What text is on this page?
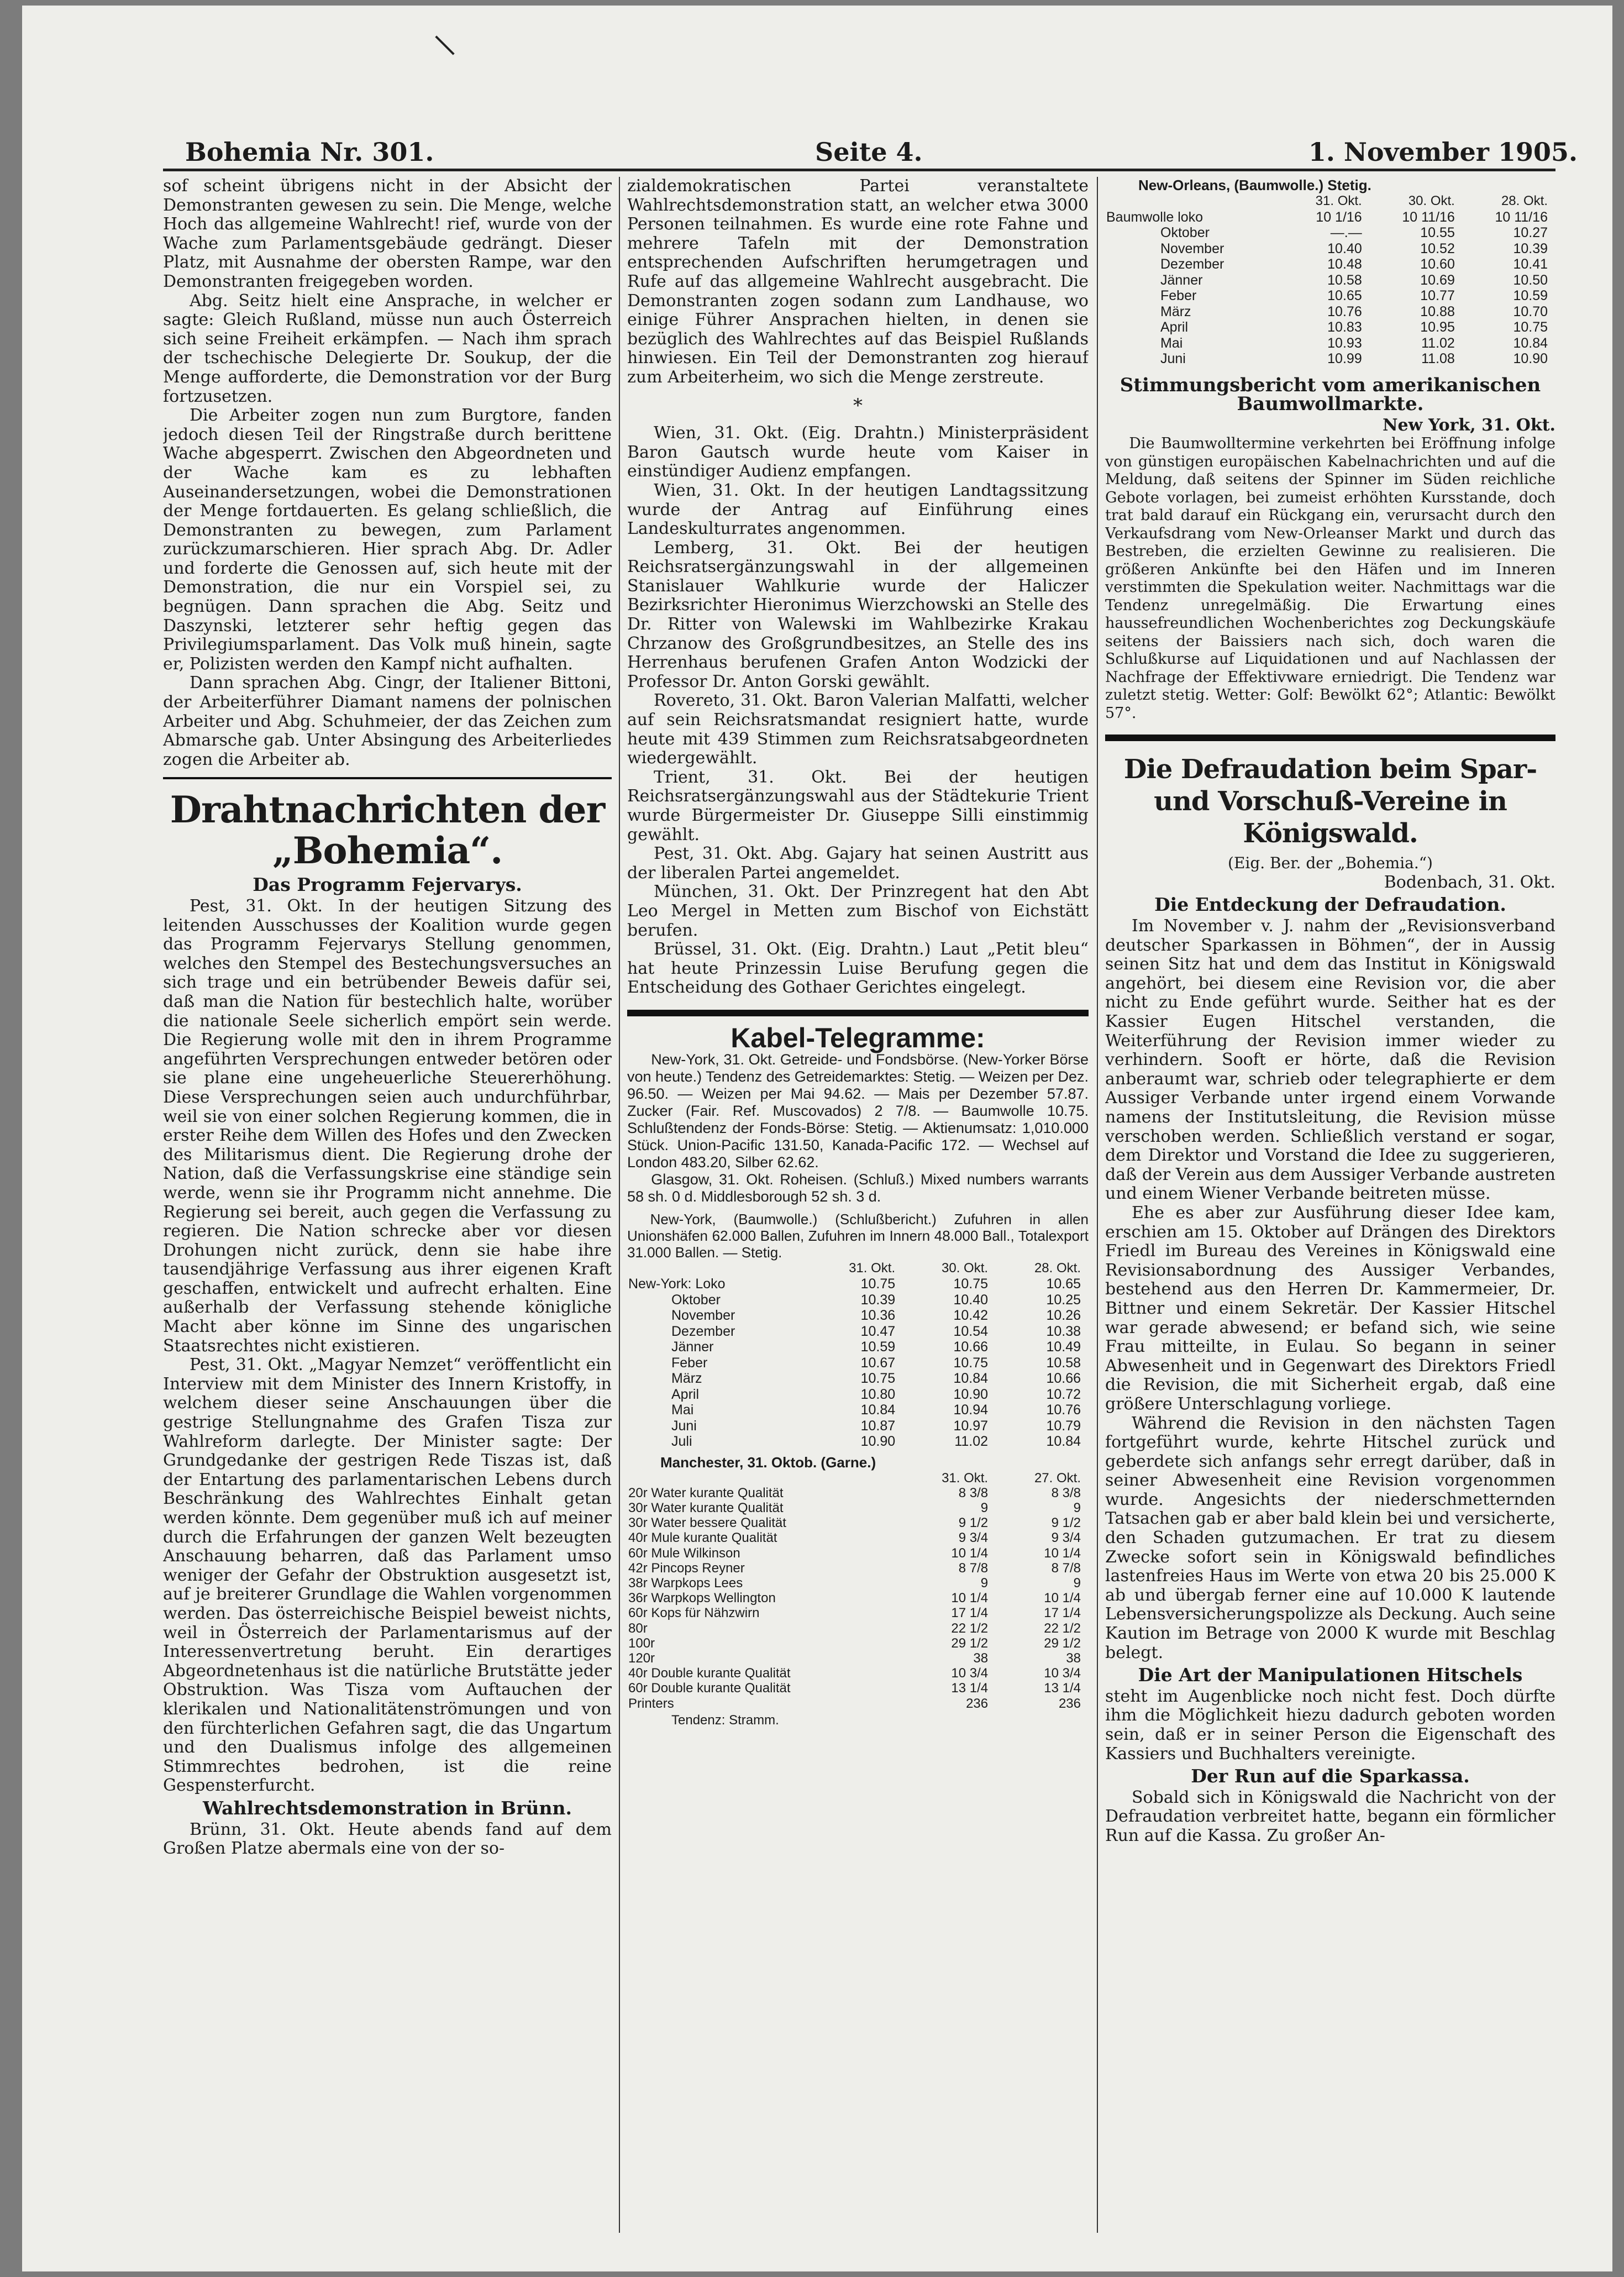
Bohemia Nr. 301.	Seite 4.	1. November 1905.

sof scheint übrigens nicht in der Absicht der Demonstranten gewesen zu sein. Die Menge, welche Hoch das allgemeine Wahlrecht! rief, wurde von der Wache zum Parlamentsgebäude gedrängt. Dieser Platz, mit Ausnahme der obersten Rampe, war den Demonstranten freigegeben worden.

Abg. Seitz hielt eine Ansprache, in welcher er sagte: Gleich Rußland, müsse nun auch Österreich sich seine Freiheit erkämpfen. — Nach ihm sprach der tschechische Delegierte Dr. Soukup, der die Menge aufforderte, die Demonstration vor der Burg fortzusetzen.

Die Arbeiter zogen nun zum Burgtore, fanden jedoch diesen Teil der Ringstraße durch berittene Wache abgesperrt. Zwischen den Abgeordneten und der Wache kam es zu lebhaften Auseinandersetzungen, wobei die Demonstrationen der Menge fortdauerten. Es gelang schließlich, die Demonstranten zu bewegen, zum Parlament zurückzumarschieren. Hier sprach Abg. Dr. Adler und forderte die Genossen auf, sich heute mit der Demonstration, die nur ein Vorspiel sei, zu begnügen. Dann sprachen die Abg. Seitz und Daszynski, letzterer sehr heftig gegen das Privilegiumsparlament. Das Volk muß hinein, sagte er, Polizisten werden den Kampf nicht aufhalten.

Dann sprachen Abg. Cingr, der Italiener Bittoni, der Arbeiterführer Diamant namens der polnischen Arbeiter und Abg. Schuhmeier, der das Zeichen zum Abmarsche gab. Unter Absingung des Arbeiterliedes zogen die Arbeiter ab.

Drahtnachrichten der „Bohemia“.
Das Programm Fejervarys.

Pest, 31. Okt. In der heutigen Sitzung des leitenden Ausschusses der Koalition wurde gegen das Programm Fejervarys Stellung genommen, welches den Stempel des Bestechungsversuches an sich trage und ein betrübender Beweis dafür sei, daß man die Nation für bestechlich halte, worüber die nationale Seele sicherlich empört sein werde. Die Regierung wolle mit den in ihrem Programme angeführten Versprechungen entweder betören oder sie plane eine ungeheuerliche Steuererhöhung. Diese Versprechungen seien auch undurchführbar, weil sie von einer solchen Regierung kommen, die in erster Reihe dem Willen des Hofes und den Zwecken des Militarismus dient. Die Regierung drohe der Nation, daß die Verfassungskrise eine ständige sein werde, wenn sie ihr Programm nicht annehme. Die Regierung sei bereit, auch gegen die Verfassung zu regieren. Die Nation schrecke aber vor diesen Drohungen nicht zurück, denn sie habe ihre tausendjährige Verfassung aus ihrer eigenen Kraft geschaffen, entwickelt und aufrecht erhalten. Eine außerhalb der Verfassung stehende königliche Macht aber könne im Sinne des ungarischen Staatsrechtes nicht existieren.

Pest, 31. Okt. „Magyar Nemzet“ veröffentlicht ein Interview mit dem Minister des Innern Kristoffy, in welchem dieser seine Anschauungen über die gestrige Stellungnahme des Grafen Tisza zur Wahlreform darlegte. Der Minister sagte: Der Grundgedanke der gestrigen Rede Tiszas ist, daß der Entartung des parlamentarischen Lebens durch Beschränkung des Wahlrechtes Einhalt getan werden könnte. Dem gegenüber muß ich auf meiner durch die Erfahrungen der ganzen Welt bezeugten Anschauung beharren, daß das Parlament umso weniger der Gefahr der Obstruktion ausgesetzt ist, auf je breiterer Grundlage die Wahlen vorgenommen werden. Das österreichische Beispiel beweist nichts, weil in Österreich der Parlamentarismus auf der Interessenvertretung beruht. Ein derartiges Abgeordnetenhaus ist die natürliche Brutstätte jeder Obstruktion. Was Tisza vom Auftauchen der klerikalen und Nationalitätenströmungen und von den fürchterlichen Gefahren sagt, die das Ungartum und den Dualismus infolge des allgemeinen Stimmrechtes bedrohen, ist die reine Gespensterfurcht.

Wahlrechtsdemonstration in Brünn.

Brünn, 31. Okt. Heute abends fand auf dem Großen Platze abermals eine von der so-

zialdemokratischen Partei veranstaltete Wahlrechtsdemonstration statt, an welcher etwa 3000 Personen teilnahmen. Es wurde eine rote Fahne und mehrere Tafeln mit der Demonstration entsprechenden Aufschriften herumgetragen und Rufe auf das allgemeine Wahlrecht ausgebracht. Die Demonstranten zogen sodann zum Landhause, wo einige Führer Ansprachen hielten, in denen sie bezüglich des Wahlrechtes auf das Beispiel Rußlands hinwiesen. Ein Teil der Demonstranten zog hierauf zum Arbeiterheim, wo sich die Menge zerstreute.

*

Wien, 31. Okt. (Eig. Drahtn.) Ministerpräsident Baron Gautsch wurde heute vom Kaiser in einstündiger Audienz empfangen.

Wien, 31. Okt. In der heutigen Landtagssitzung wurde der Antrag auf Einführung eines Landeskulturrates angenommen.

Lemberg, 31. Okt. Bei der heutigen Reichsratsergänzungswahl in der allgemeinen Stanislauer Wahlkurie wurde der Haliczer Bezirksrichter Hieronimus Wierzchowski an Stelle des Dr. Ritter von Walewski im Wahlbezirke Krakau Chrzanow des Großgrundbesitzes, an Stelle des ins Herrenhaus berufenen Grafen Anton Wodzicki der Professor Dr. Anton Gorski gewählt.

Rovereto, 31. Okt. Baron Valerian Malfatti, welcher auf sein Reichsratsmandat resigniert hatte, wurde heute mit 439 Stimmen zum Reichsratsabgeordneten wiedergewählt.

Trient, 31. Okt. Bei der heutigen Reichsratsergänzungswahl aus der Städtekurie Trient wurde Bürgermeister Dr. Giuseppe Silli einstimmig gewählt.

Pest, 31. Okt. Abg. Gajary hat seinen Austritt aus der liberalen Partei angemeldet.

München, 31. Okt. Der Prinzregent hat den Abt Leo Mergel in Metten zum Bischof von Eichstätt berufen.

Brüssel, 31. Okt. (Eig. Drahtn.) Laut „Petit bleu“ hat heute Prinzessin Luise Berufung gegen die Entscheidung des Gothaer Gerichtes eingelegt.

Kabel-Telegramme:

New-York, 31. Okt. Getreide- und Fondsbörse. (New-Yorker Börse von heute.) Tendenz des Getreidemarktes: Stetig. — Weizen per Dez. 96.50. — Weizen per Mai 94.62. — Mais per Dezember 57.87. Zucker (Fair. Ref. Muscovados) 2 7/8. — Baumwolle 10.75. Schlußtendenz der Fonds-Börse: Stetig. — Aktienumsatz: 1,010.000 Stück. Union-Pacific 131.50, Kanada-Pacific 172. — Wechsel auf London 483.20, Silber 62.62.

Glasgow, 31. Okt. Roheisen. (Schluß.) Mixed numbers warrants 58 sh. 0 d. Middlesborough 52 sh. 3 d.

New-York, (Baumwolle.) (Schlußbericht.) Zufuhren in allen Unionshäfen 62.000 Ballen, Zufuhren im Innern 48.000 Ball., Totalexport 31.000 Ballen. — Stetig.

	31. Okt.	30. Okt.	28. Okt.
New-York: Loko	10.75	10.75	10.65
Oktober	10.39	10.40	10.25
November	10.36	10.42	10.26
Dezember	10.47	10.54	10.38
Jänner	10.59	10.66	10.49
Feber	10.67	10.75	10.58
März	10.75	10.84	10.66
April	10.80	10.90	10.72
Mai	10.84	10.94	10.76
Juni	10.87	10.97	10.79
Juli	10.90	11.02	10.84

Manchester, 31. Oktob. (Garne.)

	31. Okt.	27. Okt.
20r Water kurante Qualität	8 3/8	8 3/8
30r Water kurante Qualität	9	9
30r Water bessere Qualität	9 1/2	9 1/2
40r Mule kurante Qualität	9 3/4	9 3/4
60r Mule Wilkinson	10 1/4	10 1/4
42r Pincops Reyner	8 7/8	8 7/8
38r Warpkops Lees	9	9
36r Warpkops Wellington	10 1/4	10 1/4
60r Kops für Nähzwirn	17 1/4	17 1/4
80r	22 1/2	22 1/2
100r	29 1/2	29 1/2
120r	38	38
40r Double kurante Qualität	10 3/4	10 3/4
60r Double kurante Qualität	13 1/4	13 1/4
Printers	236	236

Tendenz: Stramm.

New-Orleans, (Baumwolle.) Stetig.

	31. Okt.	30. Okt.	28. Okt.
Baumwolle loko	10 1/16	10 11/16	10 11/16
Oktober	—.—	10.55	10.27
November	10.40	10.52	10.39
Dezember	10.48	10.60	10.41
Jänner	10.58	10.69	10.50
Feber	10.65	10.77	10.59
März	10.76	10.88	10.70
April	10.83	10.95	10.75
Mai	10.93	11.02	10.84
Juni	10.99	11.08	10.90
Stimmungsbericht vom amerikanischen Baumwollmarkte.
New York, 31. Okt.

Die Baumwolltermine verkehrten bei Eröffnung infolge von günstigen europäischen Kabelnachrichten und auf die Meldung, daß seitens der Spinner im Süden reichliche Gebote vorlagen, bei zumeist erhöhten Kursstande, doch trat bald darauf ein Rückgang ein, verursacht durch den Verkaufsdrang vom New-Orleanser Markt und durch das Bestreben, die erzielten Gewinne zu realisieren. Die größeren Ankünfte bei den Häfen und im Inneren verstimmten die Spekulation weiter. Nachmittags war die Tendenz unregelmäßig. Die Erwartung eines haussefreundlichen Wochenberichtes zog Deckungskäufe seitens der Baissiers nach sich, doch waren die Schlußkurse auf Liquidationen und auf Nachlassen der Nachfrage der Effektivware erniedrigt. Die Tendenz war zuletzt stetig. Wetter: Golf: Bewölkt 62°; Atlantic: Bewölkt 57°.

Die Defraudation beim Spar- und Vorschuß-Vereine in Königswald.
(Eig. Ber. der „Bohemia.“)
Bodenbach, 31. Okt.
Die Entdeckung der Defraudation.

Im November v. J. nahm der „Revisionsverband deutscher Sparkassen in Böhmen“, der in Aussig seinen Sitz hat und dem das Institut in Königswald angehört, bei diesem eine Revision vor, die aber nicht zu Ende geführt wurde. Seither hat es der Kassier Eugen Hitschel verstanden, die Weiterführung der Revision immer wieder zu verhindern. Sooft er hörte, daß die Revision anberaumt war, schrieb oder telegraphierte er dem Aussiger Verbande unter irgend einem Vorwande namens der Institutsleitung, die Revision müsse verschoben werden. Schließlich verstand er sogar, dem Direktor und Vorstand die Idee zu suggerieren, daß der Verein aus dem Aussiger Verbande austreten und einem Wiener Verbande beitreten müsse.

Ehe es aber zur Ausführung dieser Idee kam, erschien am 15. Oktober auf Drängen des Direktors Friedl im Bureau des Vereines in Königswald eine Revisionsabordnung des Aussiger Verbandes, bestehend aus den Herren Dr. Kammermeier, Dr. Bittner und einem Sekretär. Der Kassier Hitschel war gerade abwesend; er befand sich, wie seine Frau mitteilte, in Eulau. So begann in seiner Abwesenheit und in Gegenwart des Direktors Friedl die Revision, die mit Sicherheit ergab, daß eine größere Unterschlagung vorliege.

Während die Revision in den nächsten Tagen fortgeführt wurde, kehrte Hitschel zurück und geberdete sich anfangs sehr erregt darüber, daß in seiner Abwesenheit eine Revision vorgenommen wurde. Angesichts der niederschmetternden Tatsachen gab er aber bald klein bei und versicherte, den Schaden gutzumachen. Er trat zu diesem Zwecke sofort sein in Königswald befindliches lastenfreies Haus im Werte von etwa 20 bis 25.000 K ab und übergab ferner eine auf 10.000 K lautende Lebensversicherungspolizze als Deckung. Auch seine Kaution im Betrage von 2000 K wurde mit Beschlag belegt.

Die Art der Manipulationen Hitschels

steht im Augenblicke noch nicht fest. Doch dürfte ihm die Möglichkeit hiezu dadurch geboten worden sein, daß er in seiner Person die Eigenschaft des Kassiers und Buchhalters vereinigte.

Der Run auf die Sparkassa.

Sobald sich in Königswald die Nachricht von der Defraudation verbreitet hatte, begann ein förmlicher Run auf die Kassa. Zu großer An-
